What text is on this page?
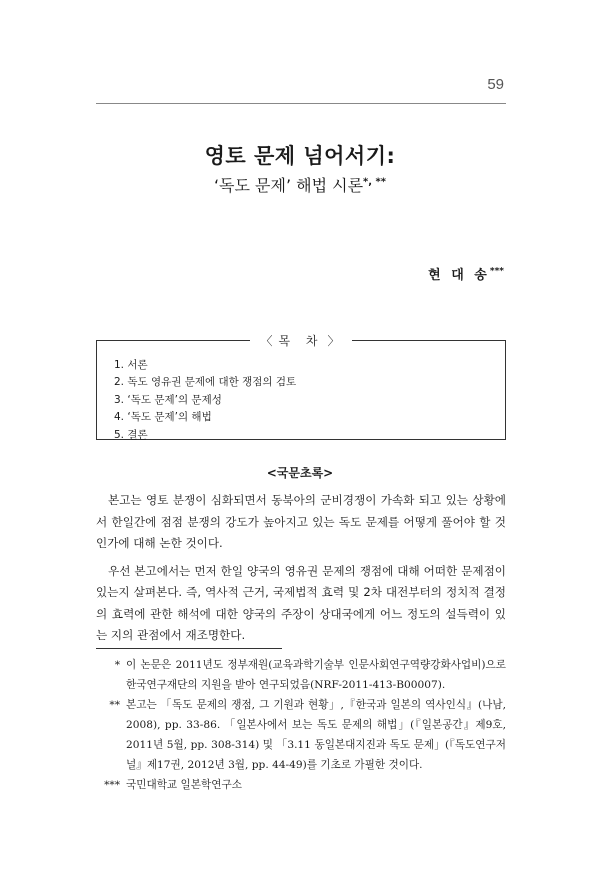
59
영토 문제 넘어서기:
‘독도 문제’ 해법 시론*, **
현 대 송***
〈 목 차 〉
1. 서론
2. 독도 영유권 문제에 대한 쟁점의 검토
3. ‘독도 문제’의 문제성
4. ‘독도 문제’의 해법
5. 결론
<국문초록>

본고는 영토 분쟁이 심화되면서 동북아의 군비경쟁이 가속화 되고 있는 상황에서 한일간에 점점 분쟁의 강도가 높아지고 있는 독도 문제를 어떻게 풀어야 할 것인가에 대해 논한 것이다.

우선 본고에서는 먼저 한일 양국의 영유권 문제의 쟁점에 대해 어떠한 문제점이 있는지 살펴본다. 즉, 역사적 근거, 국제법적 효력 및 2차 대전부터의 정치적 결정의 효력에 관한 해석에 대한 양국의 주장이 상대국에게 어느 정도의 설득력이 있는 지의 관점에서 재조명한다.

* 이 논문은 2011년도 정부재원(교육과학기술부 인문사회연구역량강화사업비)으로 한국연구재단의 지원을 받아 연구되었음(NRF-2011-413-B00007).
** 본고는 「독도 문제의 쟁점, 그 기원과 현황」,『한국과 일본의 역사인식』(나남, 2008), pp. 33-86. 「일본사에서 보는 독도 문제의 해법」(『일본공간』제9호, 2011년 5월, pp. 308-314) 및 「3.11 동일본대지진과 독도 문제」(『독도연구저널』제17권, 2012년 3월, pp. 44-49)를 기초로 가필한 것이다.
*** 국민대학교 일본학연구소
